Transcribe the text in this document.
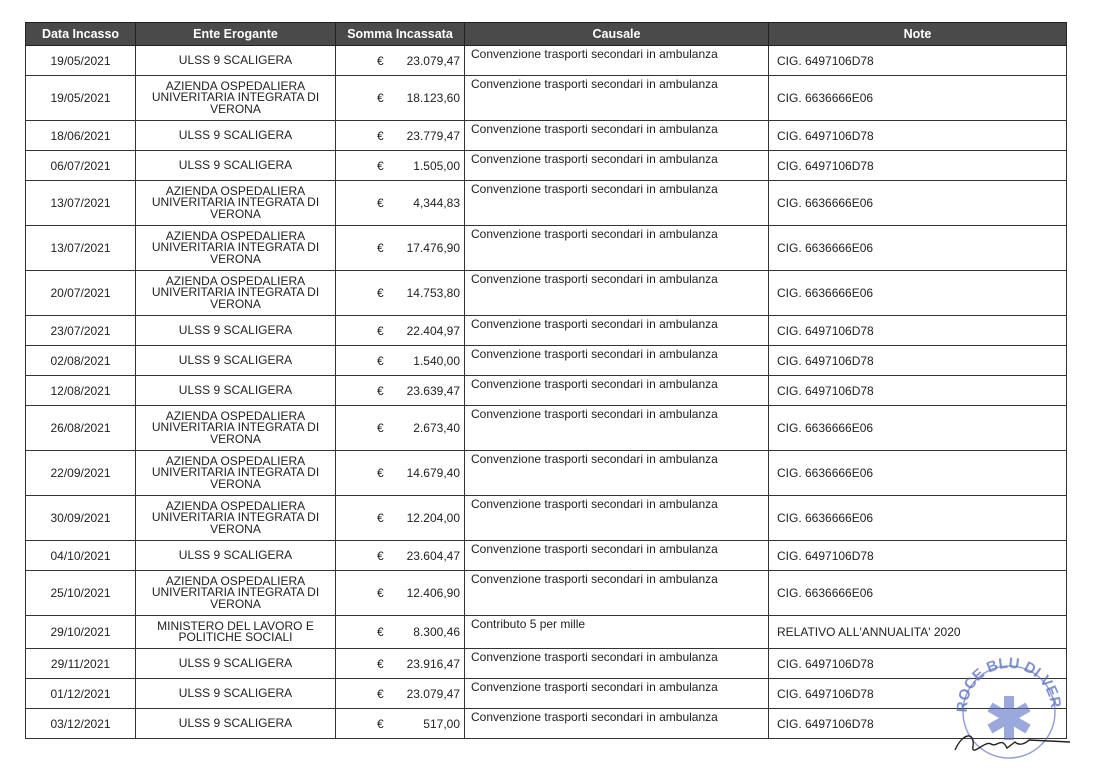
Data Incasso	Ente Erogante	Somma Incassata	Causale	Note
19/05/2021	ULSS 9 SCALIGERA	€ 23.079,47	Convenzione trasporti secondari in ambulanza	CIG. 6497106D78
19/05/2021	AZIENDA OSPEDALIERA UNIVERITARIA INTEGRATA DI VERONA	€ 18.123,60	Convenzione trasporti secondari in ambulanza	CIG. 6636666E06
18/06/2021	ULSS 9 SCALIGERA	€ 23.779,47	Convenzione trasporti secondari in ambulanza	CIG. 6497106D78
06/07/2021	ULSS 9 SCALIGERA	€ 1.505,00	Convenzione trasporti secondari in ambulanza	CIG. 6497106D78
13/07/2021	AZIENDA OSPEDALIERA UNIVERITARIA INTEGRATA DI VERONA	€ 4,344,83	Convenzione trasporti secondari in ambulanza	CIG. 6636666E06
13/07/2021	AZIENDA OSPEDALIERA UNIVERITARIA INTEGRATA DI VERONA	€ 17.476,90	Convenzione trasporti secondari in ambulanza	CIG. 6636666E06
20/07/2021	AZIENDA OSPEDALIERA UNIVERITARIA INTEGRATA DI VERONA	€ 14.753,80	Convenzione trasporti secondari in ambulanza	CIG. 6636666E06
23/07/2021	ULSS 9 SCALIGERA	€ 22.404,97	Convenzione trasporti secondari in ambulanza	CIG. 6497106D78
02/08/2021	ULSS 9 SCALIGERA	€ 1.540,00	Convenzione trasporti secondari in ambulanza	CIG. 6497106D78
12/08/2021	ULSS 9 SCALIGERA	€ 23.639,47	Convenzione trasporti secondari in ambulanza	CIG. 6497106D78
26/08/2021	AZIENDA OSPEDALIERA UNIVERITARIA INTEGRATA DI VERONA	€ 2.673,40	Convenzione trasporti secondari in ambulanza	CIG. 6636666E06
22/09/2021	AZIENDA OSPEDALIERA UNIVERITARIA INTEGRATA DI VERONA	€ 14.679,40	Convenzione trasporti secondari in ambulanza	CIG. 6636666E06
30/09/2021	AZIENDA OSPEDALIERA UNIVERITARIA INTEGRATA DI VERONA	€ 12.204,00	Convenzione trasporti secondari in ambulanza	CIG. 6636666E06
04/10/2021	ULSS 9 SCALIGERA	€ 23.604,47	Convenzione trasporti secondari in ambulanza	CIG. 6497106D78
25/10/2021	AZIENDA OSPEDALIERA UNIVERITARIA INTEGRATA DI VERONA	€ 12.406,90	Convenzione trasporti secondari in ambulanza	CIG. 6636666E06
29/10/2021	MINISTERO DEL LAVORO E POLITICHE SOCIALI	€ 8.300,46	Contributo 5 per mille	RELATIVO ALL'ANNUALITA' 2020
29/11/2021	ULSS 9 SCALIGERA	€ 23.916,47	Convenzione trasporti secondari in ambulanza	CIG. 6497106D78
01/12/2021	ULSS 9 SCALIGERA	€ 23.079,47	Convenzione trasporti secondari in ambulanza	CIG. 6497106D78
03/12/2021	ULSS 9 SCALIGERA	€ 517,00	Convenzione trasporti secondari in ambulanza	CIG. 6497106D78
ROCE BLU DI VER
